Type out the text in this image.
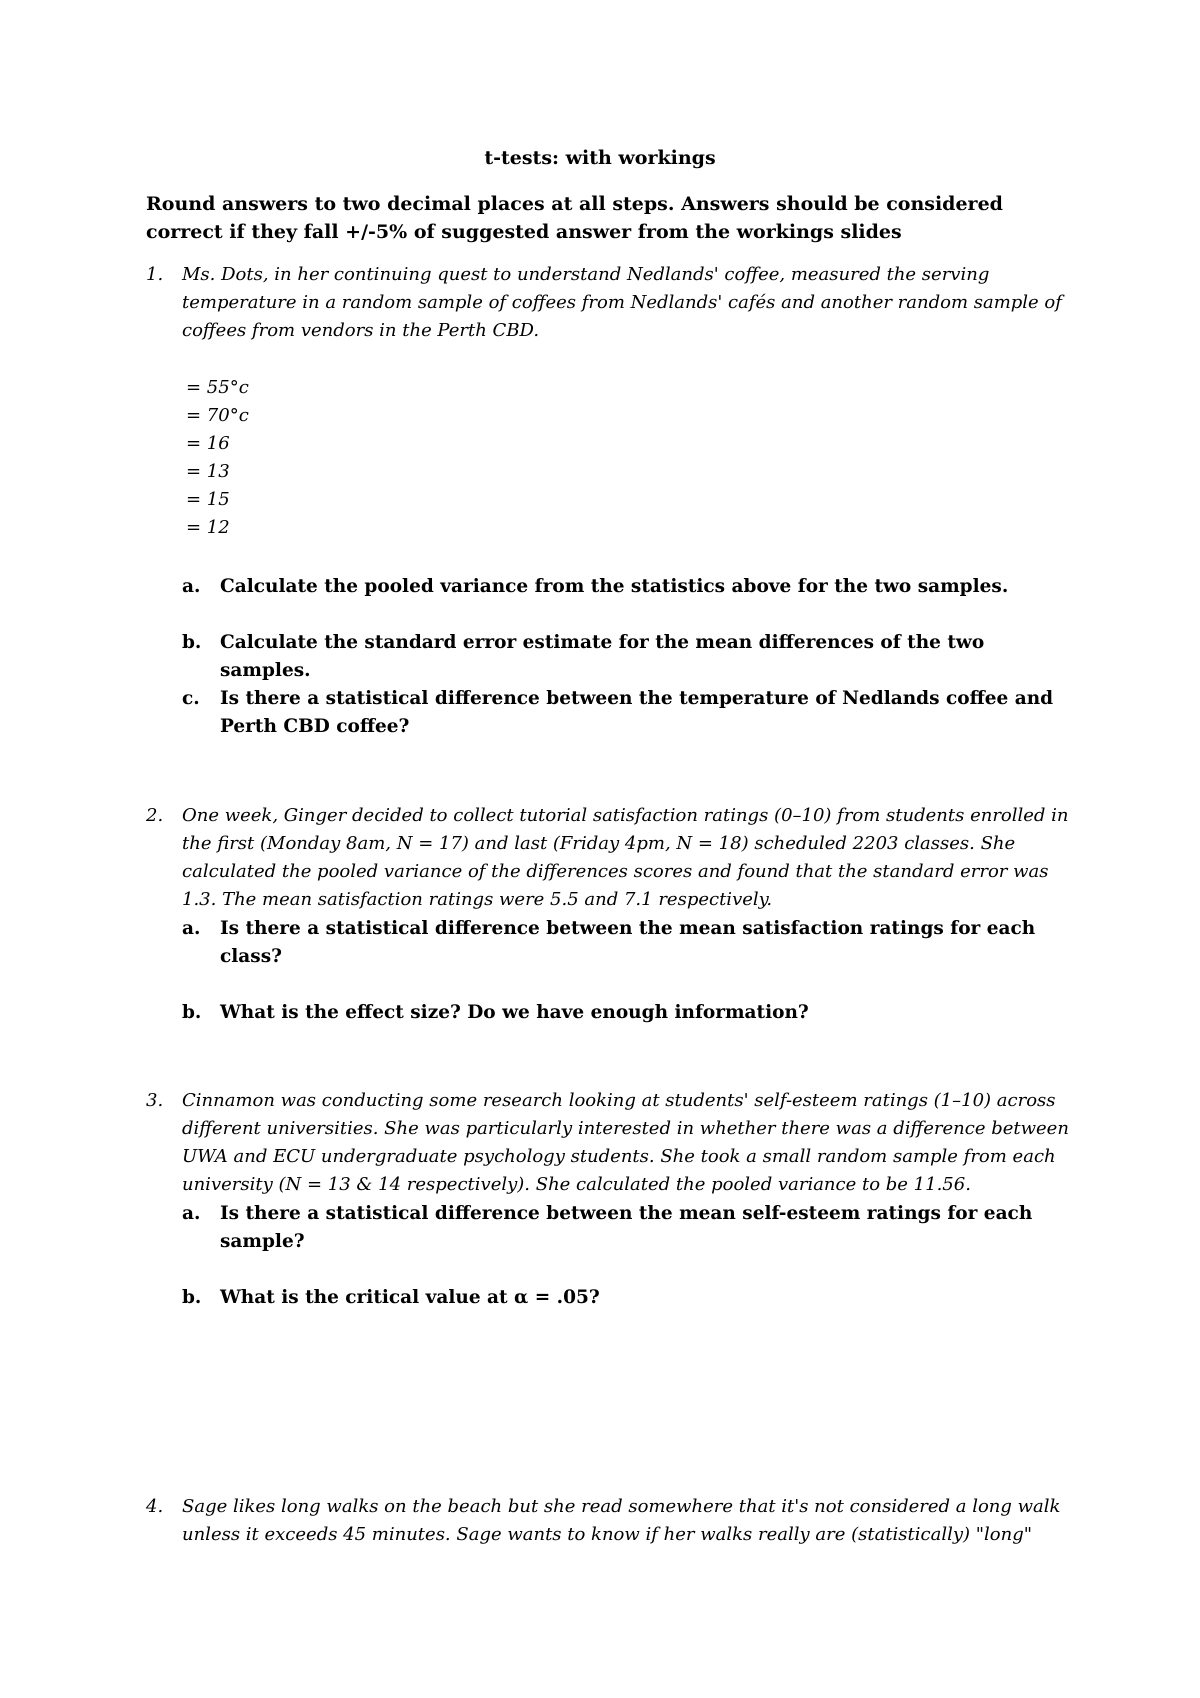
t-tests: with workings
Round answers to two decimal places at all steps. Answers should be considered correct if they fall +/-5% of suggested answer from the workings slides
1. Ms. Dots, in her continuing quest to understand Nedlands' coffee, measured the serving temperature in a random sample of coffees from Nedlands' cafés and another random sample of coffees from vendors in the Perth CBD.
= 55°c
= 70°c
= 16
= 13
= 15
= 12
a. Calculate the pooled variance from the statistics above for the two samples.
b. Calculate the standard error estimate for the mean differences of the two samples.
c. Is there a statistical difference between the temperature of Nedlands coffee and Perth CBD coffee?
2. One week, Ginger decided to collect tutorial satisfaction ratings (0–10) from students enrolled in the first (Monday 8am, N = 17) and last (Friday 4pm, N = 18) scheduled 2203 classes. She calculated the pooled variance of the differences scores and found that the standard error was 1.3. The mean satisfaction ratings were 5.5 and 7.1 respectively.
a. Is there a statistical difference between the mean satisfaction ratings for each class?
b. What is the effect size? Do we have enough information?
3. Cinnamon was conducting some research looking at students' self-esteem ratings (1–10) across different universities. She was particularly interested in whether there was a difference between UWA and ECU undergraduate psychology students. She took a small random sample from each university (N = 13 & 14 respectively). She calculated the pooled variance to be 11.56.
a. Is there a statistical difference between the mean self-esteem ratings for each sample?
b. What is the critical value at α = .05?
4. Sage likes long walks on the beach but she read somewhere that it's not considered a long walk unless it exceeds 45 minutes. Sage wants to know if her walks really are (statistically) "long"
